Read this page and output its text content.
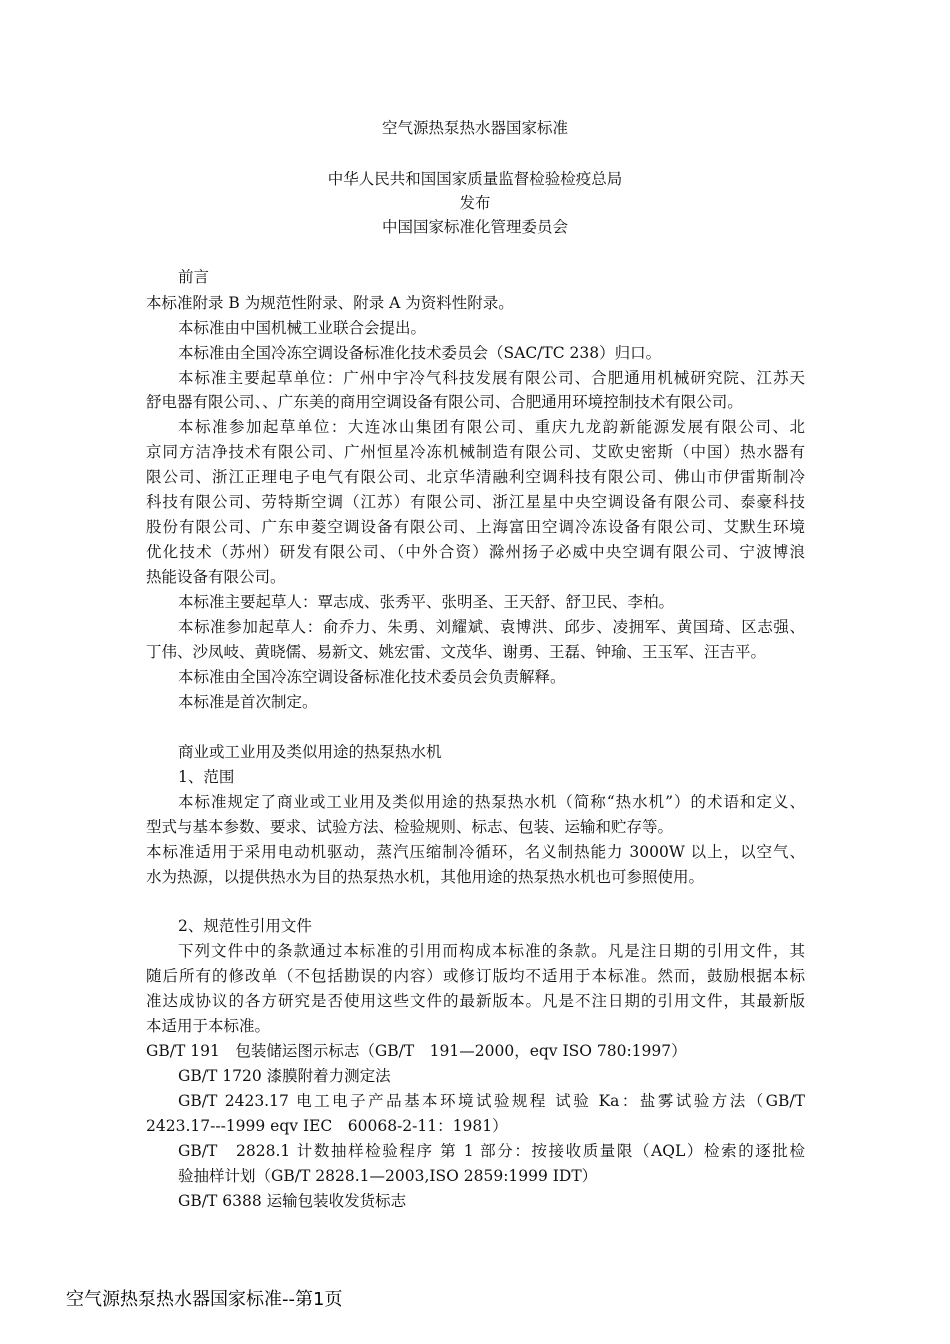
空气源热泵热水器国家标准
中华人民共和国国家质量监督检验检疫总局
发布
中国国家标准化管理委员会
前言
本标准附录 B 为规范性附录、附录 A 为资料性附录。
本标准由中国机械工业联合会提出。
本标准由全国冷冻空调设备标准化技术委员会（SAC/TC 238）归口。
本标准主要起草单位：广州中宇冷气科技发展有限公司、合肥通用机械研究院、江苏天
舒电器有限公司、、广东美的商用空调设备有限公司、合肥通用环境控制技术有限公司。
本标准参加起草单位：大连冰山集团有限公司、重庆九龙韵新能源发展有限公司、北
京同方洁净技术有限公司、广州恒星冷冻机械制造有限公司、艾欧史密斯（中国）热水器有
限公司、浙江正理电子电气有限公司、北京华清融利空调科技有限公司、佛山市伊雷斯制冷
科技有限公司、劳特斯空调（江苏）有限公司、浙江星星中央空调设备有限公司、泰豪科技
股份有限公司、广东申菱空调设备有限公司、上海富田空调冷冻设备有限公司、艾默生环境
优化技术（苏州）研发有限公司、（中外合资）滁州扬子必威中央空调有限公司、宁波博浪
热能设备有限公司。
本标准主要起草人：覃志成、张秀平、张明圣、王天舒、舒卫民、李柏。
本标准参加起草人：俞乔力、朱勇、刘耀斌、袁博洪、邱步、凌拥军、黄国琦、区志强、
丁伟、沙凤岐、黄晓儒、易新文、姚宏雷、文茂华、谢勇、王磊、钟瑜、王玉军、汪吉平。
本标准由全国冷冻空调设备标准化技术委员会负责解释。
本标准是首次制定。
商业或工业用及类似用途的热泵热水机
1、范围
本标准规定了商业或工业用及类似用途的热泵热水机（简称“热水机”）的术语和定义、
型式与基本参数、要求、试验方法、检验规则、标志、包装、运输和贮存等。
本标准适用于采用电动机驱动，蒸汽压缩制冷循环，名义制热能力 3000W 以上，以空气、
水为热源，以提供热水为目的热泵热水机，其他用途的热泵热水机也可参照使用。
2、规范性引用文件
下列文件中的条款通过本标准的引用而构成本标准的条款。凡是注日期的引用文件，其
随后所有的修改单（不包括勘误的内容）或修订版均不适用于本标准。然而，鼓励根据本标
准达成协议的各方研究是否使用这些文件的最新版本。凡是不注日期的引用文件，其最新版
本适用于本标准。
GB/T 191　包装储运图示标志（GB/T　191—2000，eqv ISO 780:1997）
GB/T 1720 漆膜附着力测定法
GB/T 2423.17 电工电子产品基本环境试验规程 试验 Ka：盐雾试验方法（GB/T
2423.17---1999 eqv IEC　60068-2-11：1981）
GB/T　2828.1 计数抽样检验程序 第 1 部分：按接收质量限（AQL）检索的逐批检
验抽样计划（GB/T 2828.1—2003,ISO 2859:1999 IDT）
GB/T 6388 运输包装收发货标志
空气源热泵热水器国家标准--第1页
